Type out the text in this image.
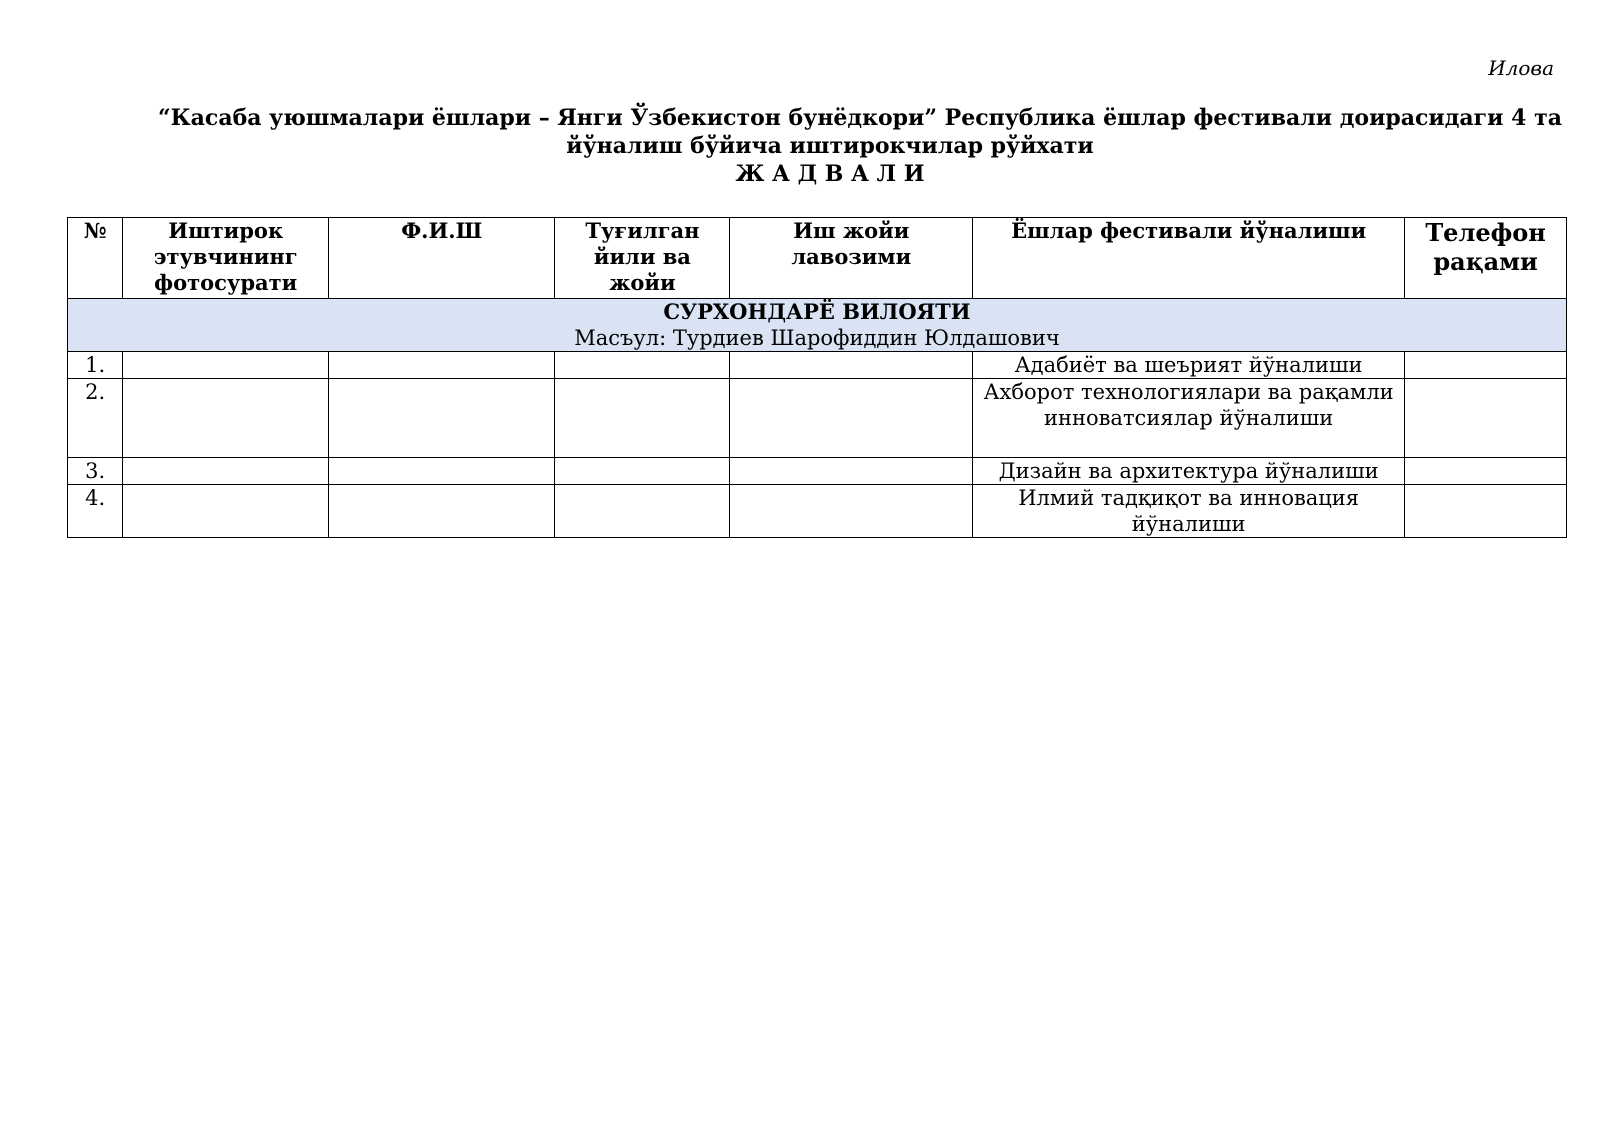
Илова
“Касаба уюшмалари ёшлари – Янги Ўзбекистон бунёдкори” Республика ёшлар фестивали доирасидаги 4 та
йўналиш бўйича иштирокчилар рўйхати
Ж А Д В А Л И
№	Иштирок этувчининг фотосурати	Ф.И.Ш	Туғилган йили ва жойи	Иш жойи лавозими	Ёшлар фестивали йўналиши	Телефон рақами

СУРХОНДАРЁ ВИЛОЯТИ
Масъул: Турдиев Шарофиддин Юлдашович						

1.					Адабиёт ва шеърият йўналиши	
2.					Ахборот технологиялари ва рақамли инноватсиялар йўналиши	
3.					Дизайн ва архитектура йўналиши	
4.					Илмий тадқиқот ва инновация йўналиши	
